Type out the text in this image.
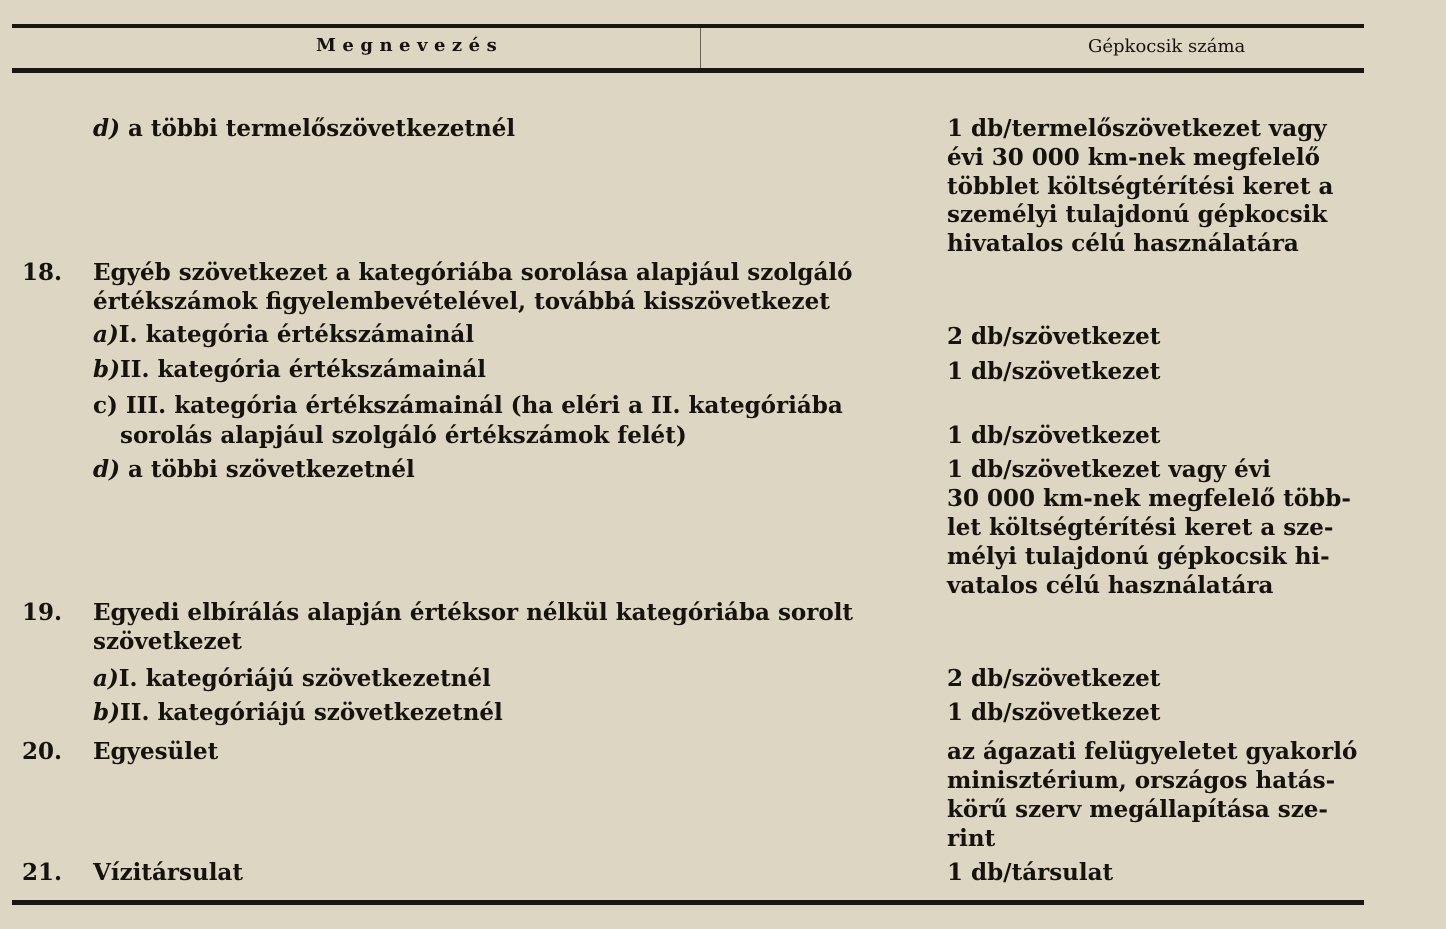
Megnevezés	Gépkocsik száma
d) a többi termelőszövetkezetnél	1 db/termelőszövetkezet vagy
évi 30 000 km-nek megfelelő
többlet költségtérítési keret a
személyi tulajdonú gépkocsik
hivatalos célú használatára
18. Egyéb szövetkezet a kategóriába sorolása alapjául szolgáló
értékszámok figyelembevételével, továbbá kisszövetkezet
a)I. kategória értékszámainál	2 db/szövetkezet
b)II. kategória értékszámainál	1 db/szövetkezet
c) III. kategória értékszámainál (ha eléri a II. kategóriába
sorolás alapjául szolgáló értékszámok felét)	1 db/szövetkezet
d) a többi szövetkezetnél	1 db/szövetkezet vagy évi
30 000 km-nek megfelelő több-
let költségtérítési keret a sze-
mélyi tulajdonú gépkocsik hi-
vatalos célú használatára
19. Egyedi elbírálás alapján értéksor nélkül kategóriába sorolt
szövetkezet
a)I. kategóriájú szövetkezetnél	2 db/szövetkezet
b)II. kategóriájú szövetkezetnél	1 db/szövetkezet
20. Egyesület	az ágazati felügyeletet gyakorló
minisztérium, országos hatás-
körű szerv megállapítása sze-
rint
21. Vízitársulat	1 db/társulat
